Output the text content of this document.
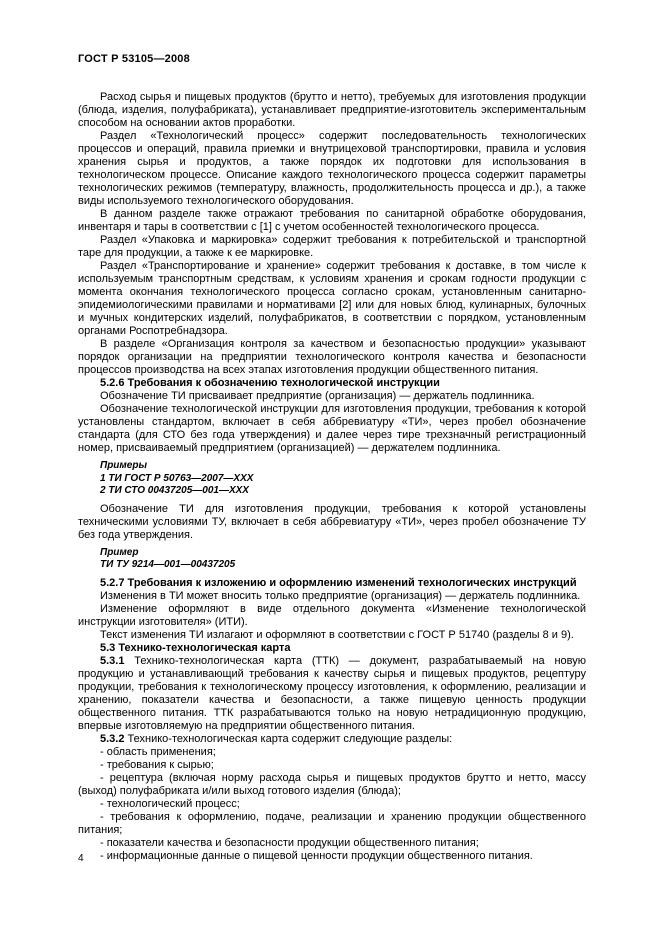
ГОСТ Р 53105—2008

Расход сырья и пищевых продуктов (брутто и нетто), требуемых для изготовления продукции (блюда, изделия, полуфабриката), устанавливает предприятие-изготовитель экспериментальным способом на основании актов проработки.

Раздел «Технологический процесс» содержит последовательность технологических процессов и операций, правила приемки и внутрицеховой транспортировки, правила и условия хранения сырья и продуктов, а также порядок их подготовки для использования в технологическом процессе. Описание каждого технологического процесса содержит параметры технологических режимов (температуру, влажность, продолжительность процесса и др.), а также виды используемого технологического оборудования.

В данном разделе также отражают требования по санитарной обработке оборудования, инвентаря и тары в соответствии с [1] с учетом особенностей технологического процесса.

Раздел «Упаковка и маркировка» содержит требования к потребительской и транспортной таре для продукции, а также к ее маркировке.

Раздел «Транспортирование и хранение» содержит требования к доставке, в том числе к используемым транспортным средствам, к условиям хранения и срокам годности продукции с момента окончания технологического процесса согласно срокам, установленным санитарно-эпидемиологическими правилами и нормативами [2] или для новых блюд, кулинарных, булочных и мучных кондитерских изделий, полуфабрикатов, в соответствии с порядком, установленным органами Роспотребнадзора.

В разделе «Организация контроля за качеством и безопасностью продукции» указывают порядок организации на предприятии технологического контроля качества и безопасности процессов производства на всех этапах изготовления продукции общественного питания.

5.2.6 Требования к обозначению технологической инструкции

Обозначение ТИ присваивает предприятие (организация) — держатель подлинника.

Обозначение технологической инструкции для изготовления продукции, требования к которой установлены стандартом, включает в себя аббревиатуру «ТИ», через пробел обозначение стандарта (для СТО без года утверждения) и далее через тире трехзначный регистрационный номер, присваиваемый предприятием (организацией) — держателем подлинника.

Примеры

1 ТИ ГОСТ Р 50763—2007—ХХХ

2 ТИ СТО 00437205—001—ХХХ

Обозначение ТИ для изготовления продукции, требования к которой установлены техническими условиями ТУ, включает в себя аббревиатуру «ТИ», через пробел обозначение ТУ без года утверждения.

Пример

ТИ ТУ 9214—001—00437205

5.2.7 Требования к изложению и оформлению изменений технологических инструкций

Изменения в ТИ может вносить только предприятие (организация) — держатель подлинника.

Изменение оформляют в виде отдельного документа «Изменение технологической инструкции изготовителя» (ИТИ).

Текст изменения ТИ излагают и оформляют в соответствии с ГОСТ Р 51740 (разделы 8 и 9).

5.3 Технико-технологическая карта

5.3.1 Технико-технологическая карта (ТТК) — документ, разрабатываемый на новую продукцию и устанавливающий требования к качеству сырья и пищевых продуктов, рецептуру продукции, требования к технологическому процессу изготовления, к оформлению, реализации и хранению, показатели качества и безопасности, а также пищевую ценность продукции общественного питания. ТТК разрабатываются только на новую нетрадиционную продукцию, впервые изготовляемую на предприятии общественного питания.

5.3.2 Технико-технологическая карта содержит следующие разделы:

- область применения;

- требования к сырью;

- рецептура (включая норму расхода сырья и пищевых продуктов брутто и нетто, массу (выход) полуфабриката и/или выход готового изделия (блюда);

- технологический процесс;

- требования к оформлению, подаче, реализации и хранению продукции общественного питания;

- показатели качества и безопасности продукции общественного питания;

- информационные данные о пищевой ценности продукции общественного питания.

4
